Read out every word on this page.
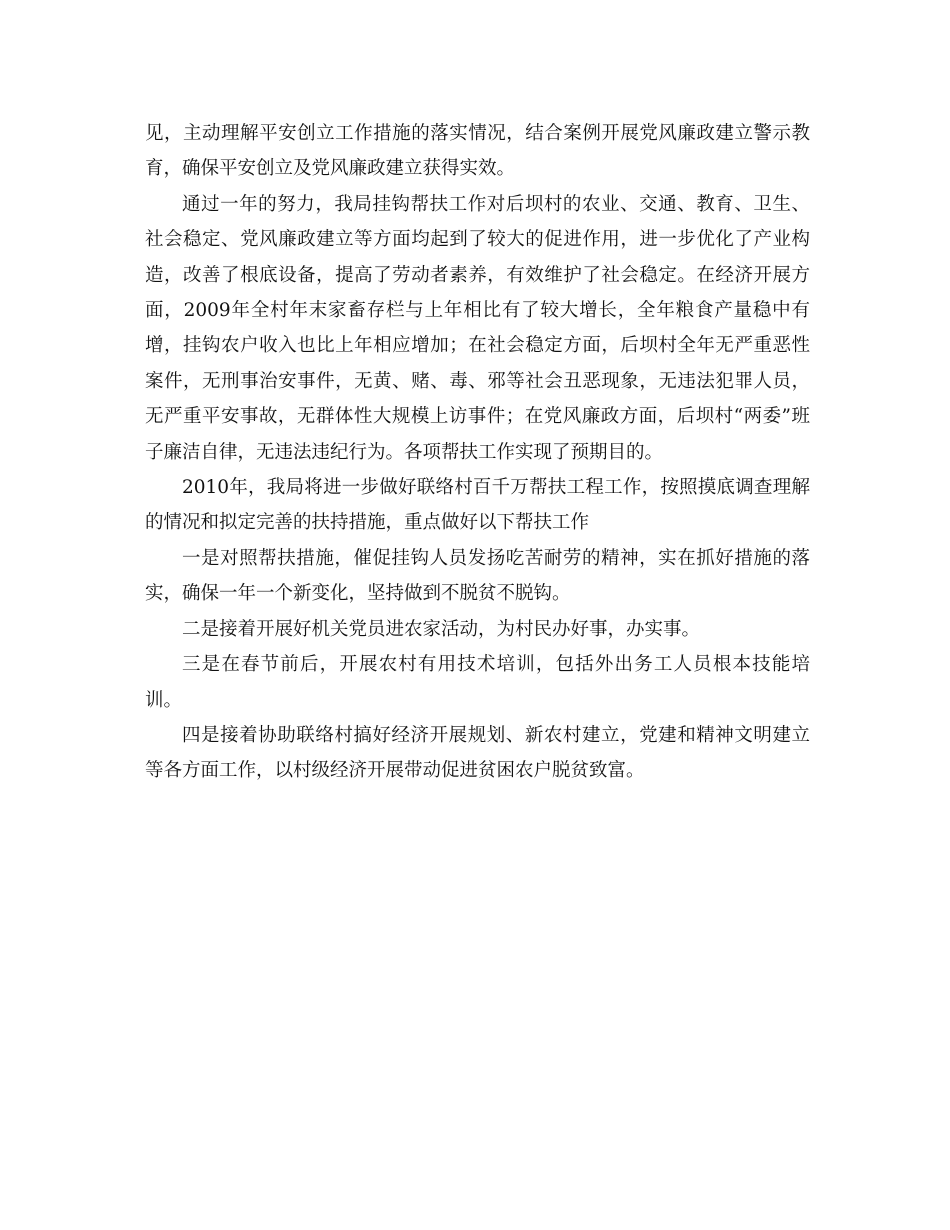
见，主动理解平安创立工作措施的落实情况，结合案例开展党风廉政建立警示教育，确保平安创立及党风廉政建立获得实效。

通过一年的努力，我局挂钩帮扶工作对后坝村的农业、交通、教育、卫生、社会稳定、党风廉政建立等方面均起到了较大的促进作用，进一步优化了产业构造，改善了根底设备，提高了劳动者素养，有效维护了社会稳定。在经济开展方面，2009年全村年末家畜存栏与上年相比有了较大增长，全年粮食产量稳中有增，挂钩农户收入也比上年相应增加；在社会稳定方面，后坝村全年无严重恶性案件，无刑事治安事件，无黄、赌、毒、邪等社会丑恶现象，无违法犯罪人员，无严重平安事故，无群体性大规模上访事件；在党风廉政方面，后坝村“两委”班子廉洁自律，无违法违纪行为。各项帮扶工作实现了预期目的。

2010年，我局将进一步做好联络村百千万帮扶工程工作，按照摸底调查理解的情况和拟定完善的扶持措施，重点做好以下帮扶工作

一是对照帮扶措施，催促挂钩人员发扬吃苦耐劳的精神，实在抓好措施的落实，确保一年一个新变化，坚持做到不脱贫不脱钩。

二是接着开展好机关党员进农家活动，为村民办好事，办实事。

三是在春节前后，开展农村有用技术培训，包括外出务工人员根本技能培训。

四是接着协助联络村搞好经济开展规划、新农村建立，党建和精神文明建立等各方面工作，以村级经济开展带动促进贫困农户脱贫致富。
